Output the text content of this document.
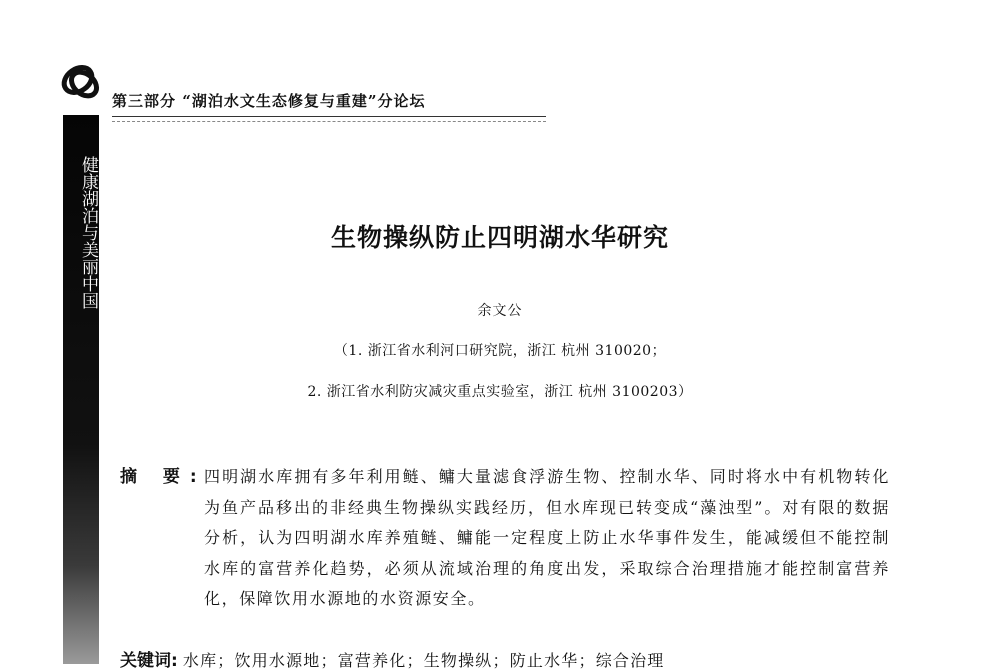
第三部分 “湖泊水文生态修复与重建”分论坛
健康湖泊与美丽中国	生物操纵防止四明湖水华研究
余文公
（1. 浙江省水利河口研究院，浙江 杭州 310020；
2. 浙江省水利防灾减灾重点实验室，浙江 杭州 3100203）
摘 要:
四明湖水库拥有多年利用鲢、鳙大量滤食浮游生物、控制水华、同时将水中有机物转化为鱼产品移出的非经典生物操纵实践经历，但水库现已转变成“藻浊型”。对有限的数据分析，认为四明湖水库养殖鲢、鳙能一定程度上防止水华事件发生，能减缓但不能控制水库的富营养化趋势，必须从流域治理的角度出发，采取综合治理措施才能控制富营养化，保障饮用水源地的水资源安全。
关键词: 水库；饮用水源地；富营养化；生物操纵；防止水华；综合治理
